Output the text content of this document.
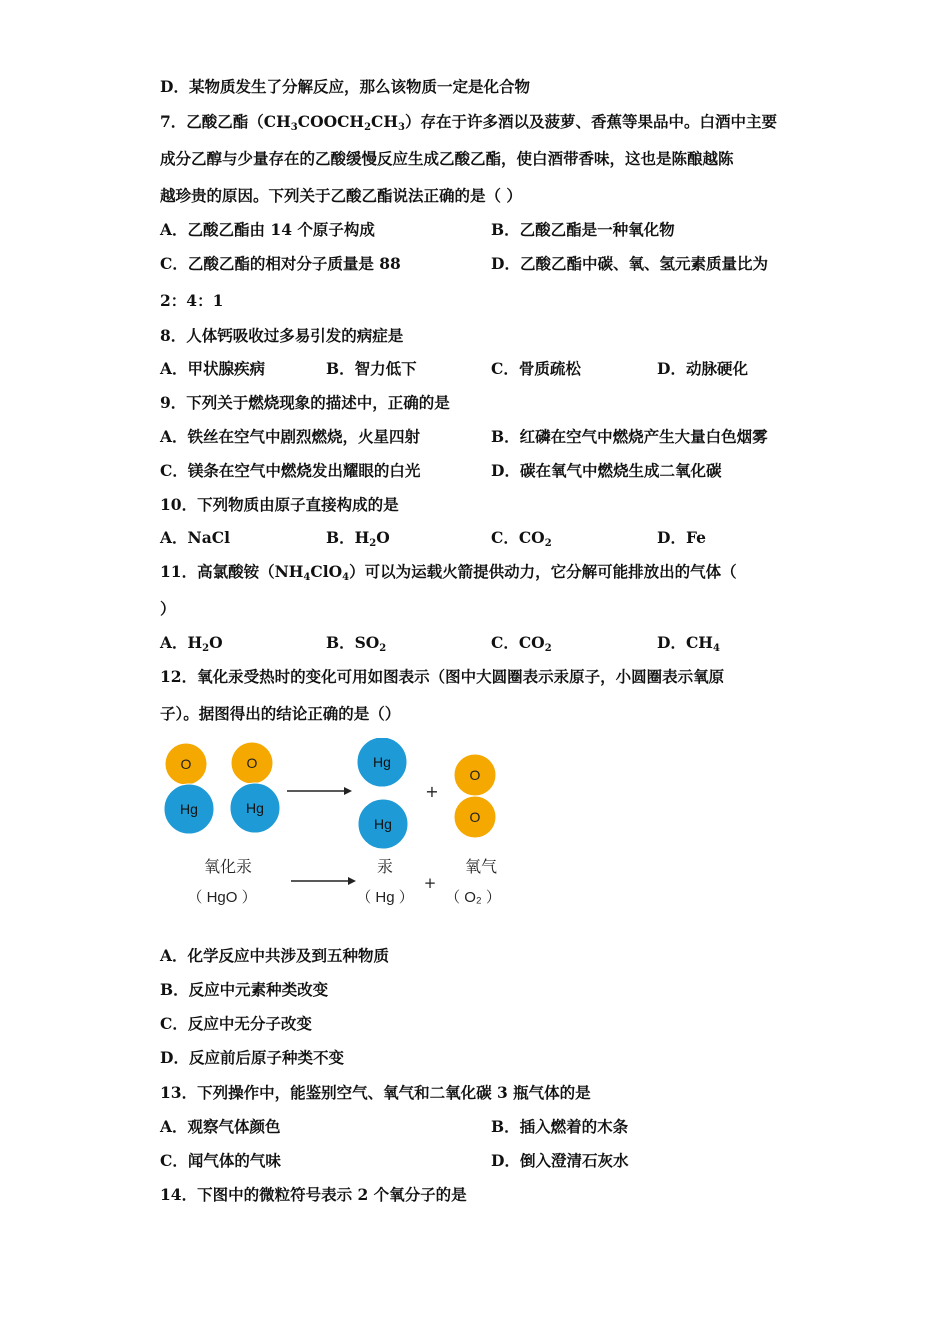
D．某物质发生了分解反应，那么该物质一定是化合物
7．乙酸乙酯$(CH_3COOCH_2CH_3)$存在于许多酒以及菠萝、香蕉等果品中。白酒中主要
成分乙醇与少量存在的乙酸缓慢反应生成乙酸乙酯，使白酒带香味，这也是陈酿越陈
越珍贵的原因。下列关于乙酸乙酯说法正确的是（ ）
A．乙酸乙酯由 14 个原子构成	B．乙酸乙酯是一种氧化物
C．乙酸乙酯的相对分子质量是 88	D．乙酸乙酯中碳、氧、氢元素质量比为
2：4：1
8．人体钙吸收过多易引发的病症是
A．甲状腺疾病	B．智力低下	C．骨质疏松	D．动脉硬化
9．下列关于燃烧现象的描述中，正确的是
A．铁丝在空气中剧烈燃烧，火星四射	B．红磷在空气中燃烧产生大量白色烟雾
C．镁条在空气中燃烧发出耀眼的白光	D．碳在氧气中燃烧生成二氧化碳
10．下列物质由原子直接构成的是
A．NaCl	B．$H_2O$	C．$CO_2$	D．Fe
11．高氯酸铵$(NH_4ClO_4)$可以为运载火箭提供动力，它分解可能排放出的气体（
）
A．$H_2O$	B．$SO_2$	C．$CO_2$	D．$CH_4$
12．氧化汞受热时的变化可用如图表示（图中大圆圈表示汞原子，小圆圈表示氧原
子）。据图得出的结论正确的是（）
O
Hg
O
Hg
Hg
Hg
+
O
O
氧化汞
（ HgO ）
汞
（ Hg ）
+
氧气
（ O₂ ）
A．化学反应中共涉及到五种物质
B．反应中元素种类改变
C．反应中无分子改变
D．反应前后原子种类不变
13．下列操作中，能鉴别空气、氧气和二氧化碳 3 瓶气体的是
A．观察气体颜色	B．插入燃着的木条
C．闻气体的气味	D．倒入澄清石灰水
14．下图中的微粒符号表示 2 个氧分子的是
